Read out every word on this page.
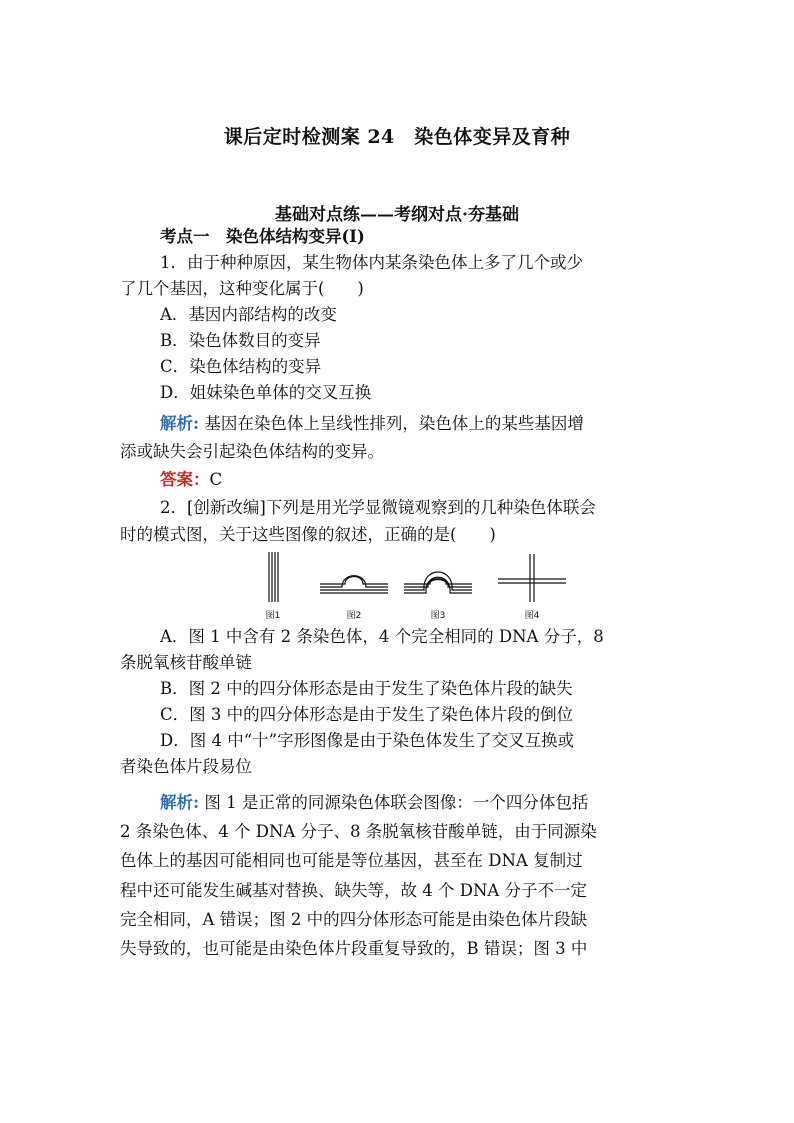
课后定时检测案 24　染色体变异及育种
基础对点练——考纲对点·夯基础
考点一　染色体结构变异(Ⅰ)
1．由于种种原因，某生物体内某条染色体上多了几个或少
了几个基因，这种变化属于(　　)
A．基因内部结构的改变
B．染色体数目的变异
C．染色体结构的变异
D．姐妹染色单体的交叉互换
解析: 基因在染色体上呈线性排列，染色体上的某些基因增
添或缺失会引起染色体结构的变异。
答案：C
2．[创新改编]下列是用光学显微镜观察到的几种染色体联会
时的模式图，关于这些图像的叙述，正确的是(　　)
图1	图2	图3	图4
A．图 1 中含有 2 条染色体，4 个完全相同的 DNA 分子，8
条脱氧核苷酸单链
B．图 2 中的四分体形态是由于发生了染色体片段的缺失
C．图 3 中的四分体形态是由于发生了染色体片段的倒位
D．图 4 中“十”字形图像是由于染色体发生了交叉互换或
者染色体片段易位
解析: 图 1 是正常的同源染色体联会图像：一个四分体包括
2 条染色体、4 个 DNA 分子、8 条脱氧核苷酸单链，由于同源染
色体上的基因可能相同也可能是等位基因，甚至在 DNA 复制过
程中还可能发生碱基对替换、缺失等，故 4 个 DNA 分子不一定
完全相同，A 错误；图 2 中的四分体形态可能是由染色体片段缺
失导致的，也可能是由染色体片段重复导致的，B 错误；图 3 中
